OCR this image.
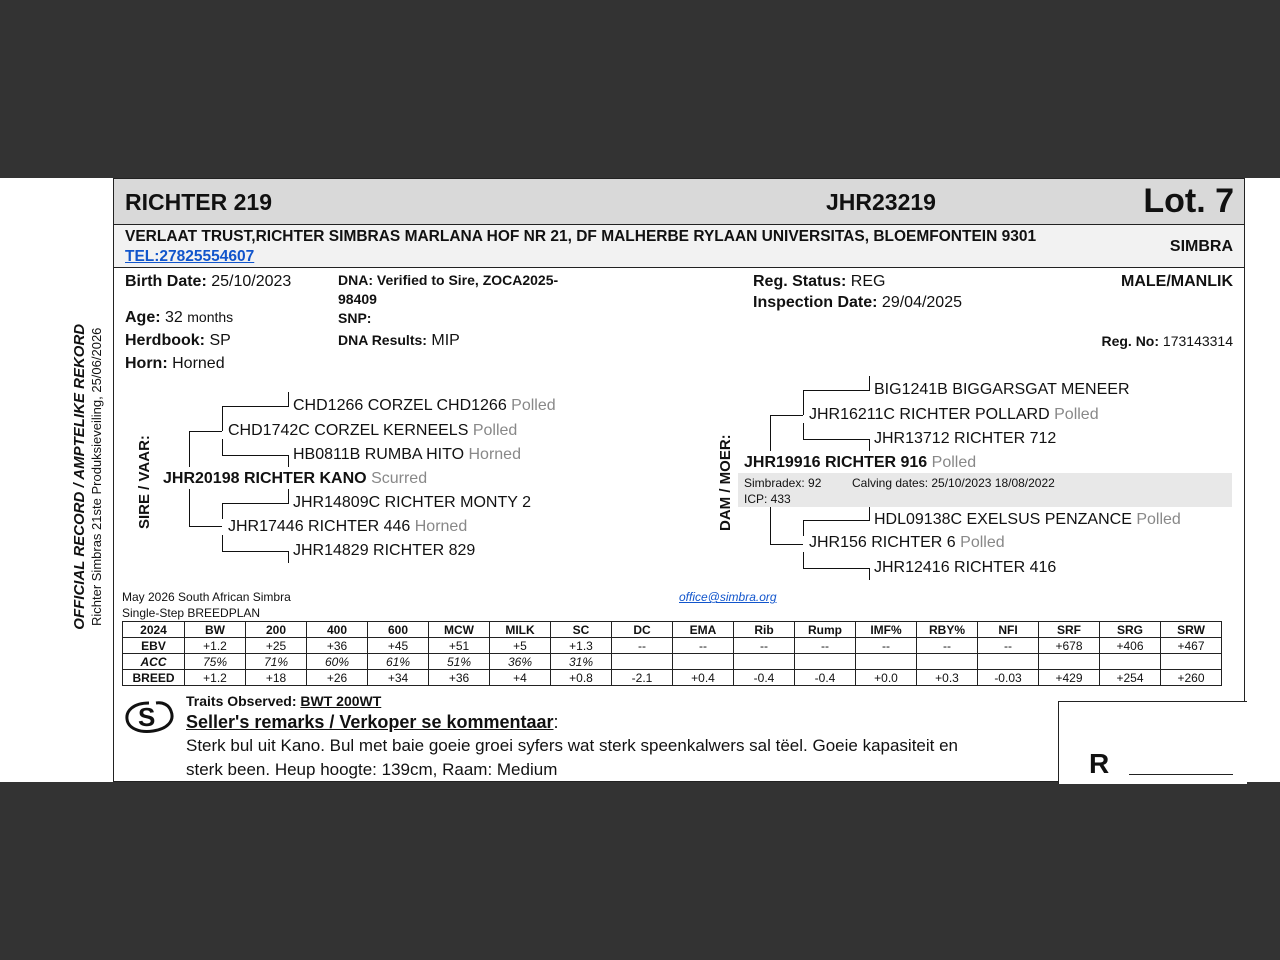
OFFICIAL RECORD / AMPTELIKE REKORD Richter Simbras 21ste Produksieveiling, 25/06/2026
RICHTER 219	JHR23219	Lot. 7
VERLAAT TRUST,RICHTER SIMBRAS MARLANA HOF NR 21, DF MALHERBE RYLAAN UNIVERSITAS, BLOEMFONTEIN 9301
TEL:27825554607
SIMBRA
Birth Date: 25/10/2023
Age: 32 months
Herdbook: SP
Horn: Horned
DNA: Verified to Sire, ZOCA2025-
98409
SNP:
DNA Results: MIP
Reg. Status: REG
Inspection Date: 29/04/2025
MALE/MANLIK
Reg. No: 173143314
SIRE / VAAR:
CHD1266 CORZEL CHD1266 Polled
CHD1742C CORZEL KERNEELS Polled
HB0811B RUMBA HITO Horned
JHR20198 RICHTER KANO Scurred
JHR14809C RICHTER MONTY 2
JHR17446 RICHTER 446 Horned
JHR14829 RICHTER 829
DAM / MOER:
BIG1241B BIGGARSGAT MENEER
JHR16211C RICHTER POLLARD Polled
JHR13712 RICHTER 712
JHR19916 RICHTER 916 Polled
Simbradex: 92	Calving dates: 25/10/2023 18/08/2022
ICP: 433
HDL09138C EXELSUS PENZANCE Polled
JHR156 RICHTER 6 Polled
JHR12416 RICHTER 416
May 2026 South African Simbra
Single-Step BREEDPLAN
office@simbra.org
2024	BW	200	400	600	MCW	MILK	SC	DC	EMA	Rib	Rump	IMF%	RBY%	NFI	SRF	SRG	SRW
EBV	+1.2	+25	+36	+45	+51	+5	+1.3	--	--	--	--	--	--	--	+678	+406	+467
ACC	75%	71%	60%	61%	51%	36%	31%										
BREED	+1.2	+18	+26	+34	+36	+4	+0.8	-2.1	+0.4	-0.4	-0.4	+0.0	+0.3	-0.03	+429	+254	+260
S
Traits Observed: BWT 200WT
Seller's remarks / Verkoper se kommentaar:
Sterk bul uit Kano. Bul met baie goeie groei syfers wat sterk speenkalwers sal tëel. Goeie kapasiteit en
sterk been. Heup hoogte: 139cm, Raam: Medium	R
